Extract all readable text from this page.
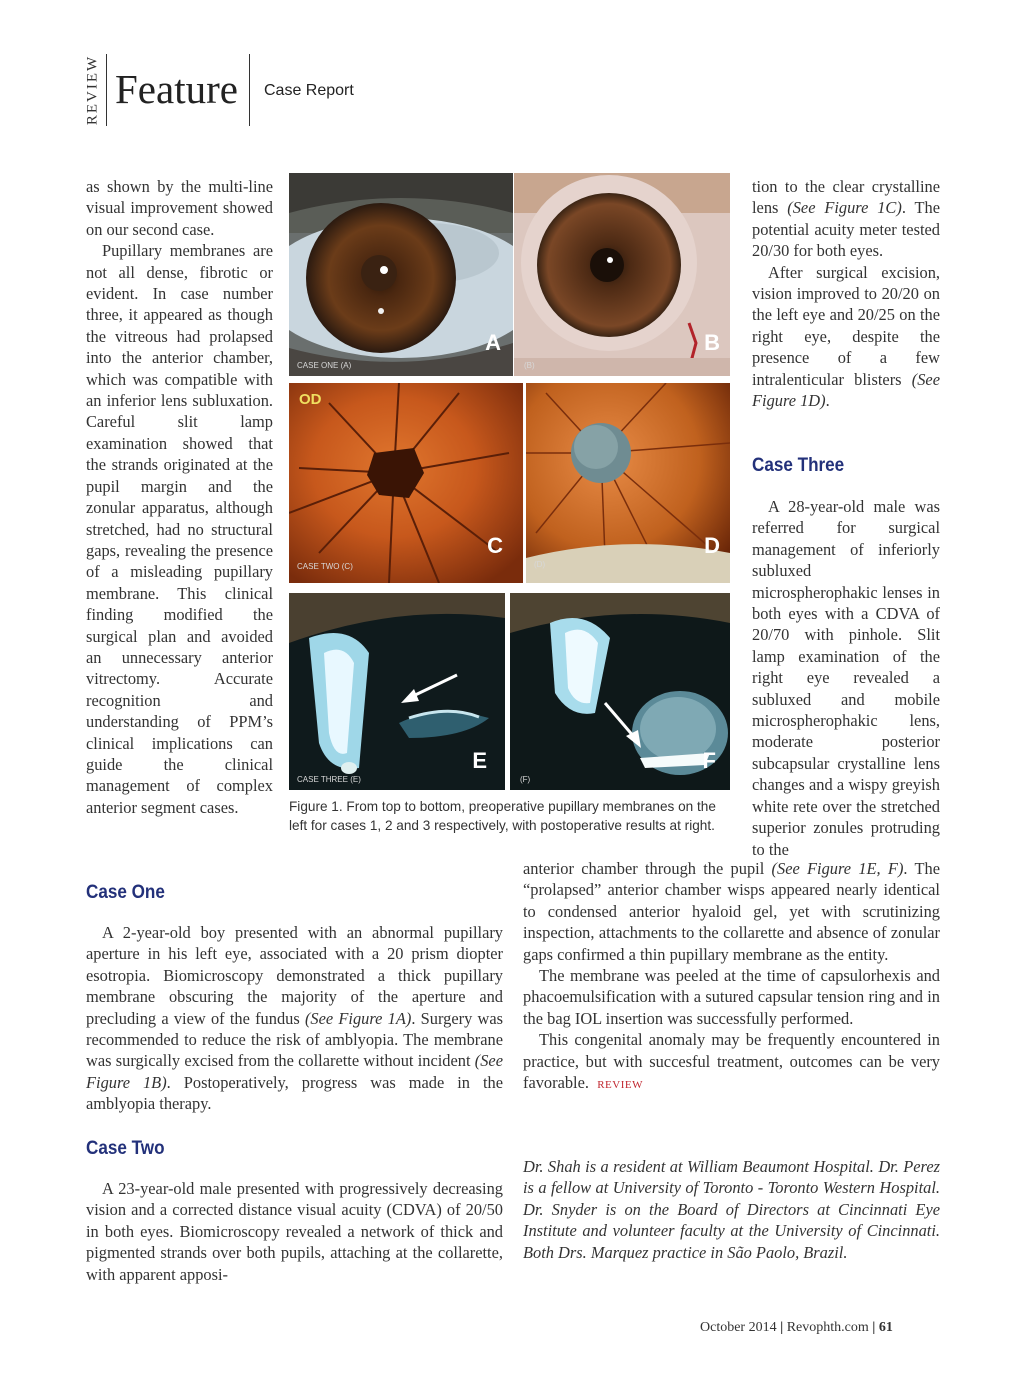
REVIEW Feature Case Report

as shown by the multi-line visual improvement showed on our second case.

Pupillary membranes are not all dense, fibrotic or evident. In case number three, it appeared as though the vitreous had prolapsed into the anterior chamber, which was compatible with an inferior lens subluxation. Careful slit lamp examination showed that the strands originated at the pupil margin and the zonular apparatus, although stretched, had no structural gaps, revealing the presence of a misleading pupillary membrane. This clinical finding modified the surgical plan and avoided an unnecessary anterior vitrectomy. Accurate recognition and understanding of PPM’s clinical implications can guide the clinical management of complex anterior segment cases.

CASE ONE (A)
A
(B)
B
OD
CASE TWO (C)
C
(D)
D
CASE THREE (E)
E
(F)
F
Figure 1. From top to bottom, preoperative pupillary membranes on the left for cases 1, 2 and 3 respectively, with postoperative results at right.

tion to the clear crystalline lens (See Figure 1C). The potential acuity meter tested 20/30 for both eyes.

After surgical excision, vision improved to 20/20 on the left eye and 20/25 on the right eye, despite the presence of a few intralenticular blisters (See Figure 1D).

Case Three

A 28-year-old male was referred for surgical management of inferiorly subluxed microspherophakic lenses in both eyes with a CDVA of 20/70 with pinhole. Slit lamp examination of the right eye revealed a subluxed and mobile microspherophakic lens, moderate posterior subcapsular crystalline lens changes and a wispy greyish white rete over the stretched superior zonules protruding to the

Case One

A 2-year-old boy presented with an abnormal pupillary aperture in his left eye, associated with a 20 prism diopter esotropia. Biomicroscopy demonstrated a thick pupillary membrane obscuring the majority of the aperture and precluding a view of the fundus (See Figure 1A). Surgery was recommended to reduce the risk of amblyopia. The membrane was surgically excised from the collarette without incident (See Figure 1B). Postoperatively, progress was made in the amblyopia therapy.

Case Two

A 23-year-old male presented with progressively decreasing vision and a corrected distance visual acuity (CDVA) of 20/50 in both eyes. Biomicroscopy revealed a network of thick and pigmented strands over both pupils, attaching at the collarette, with apparent apposi-

anterior chamber through the pupil (See Figure 1E, F). The “prolapsed” anterior chamber wisps appeared nearly identical to condensed anterior hyaloid gel, yet with scrutinizing inspection, attachments to the collarette and absence of zonular gaps confirmed a thin pupillary membrane as the entity.

The membrane was peeled at the time of capsulorhexis and phacoemulsification with a sutured capsular tension ring and in the bag IOL insertion was successfully performed.

This congenital anomaly may be frequently encountered in practice, but with succesful treatment, outcomes can be very favorable. REVIEW

Dr. Shah is a resident at William Beaumont Hospital. Dr. Perez is a fellow at University of Toronto - Toronto Western Hospital. Dr. Snyder is on the Board of Directors at Cincinnati Eye Institute and volunteer faculty at the University of Cincinnati. Both Drs. Marquez practice in São Paolo, Brazil.
October 2014 | Revophth.com | 61
